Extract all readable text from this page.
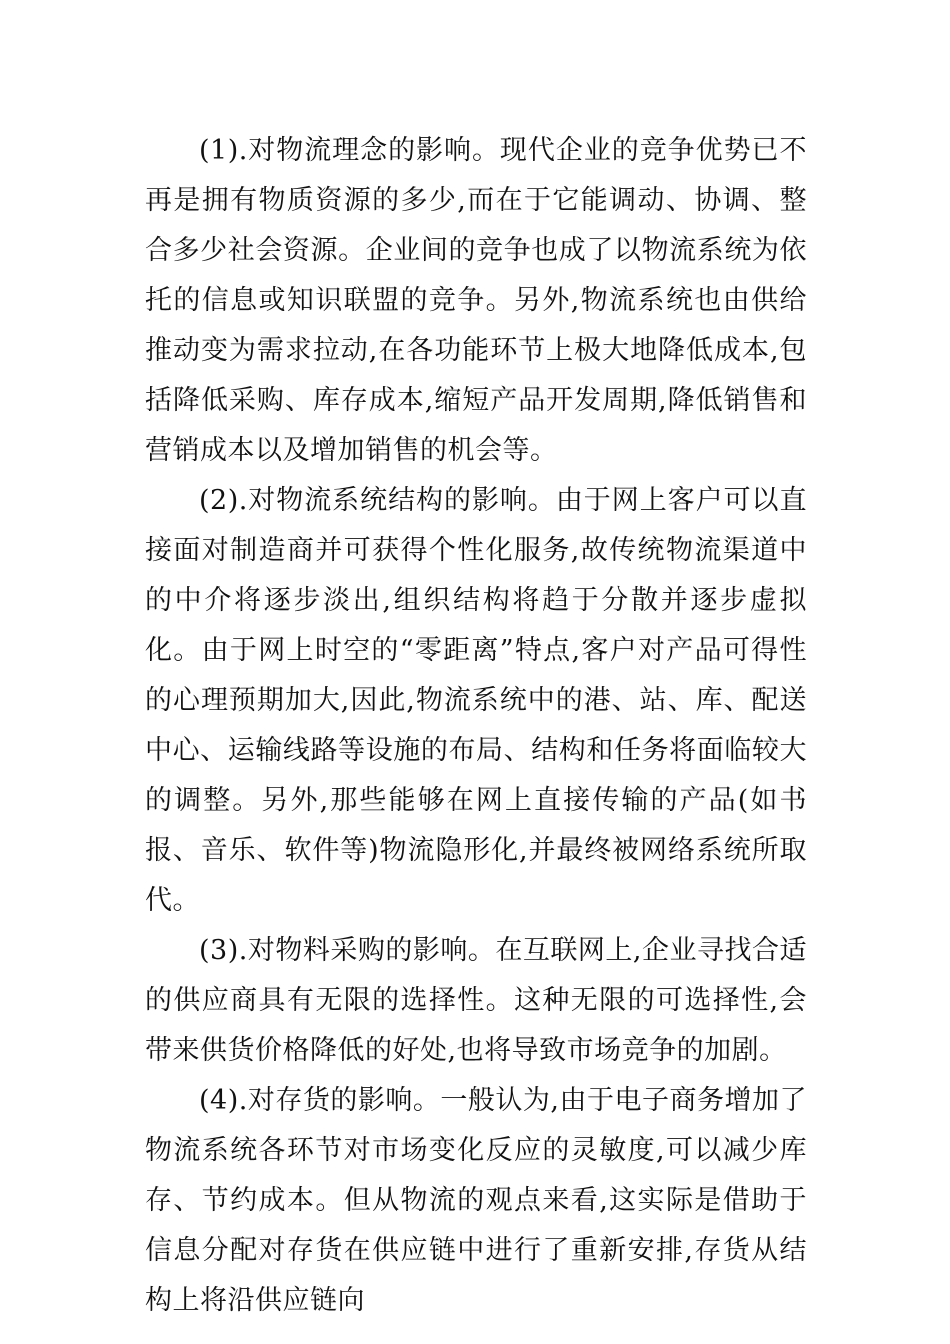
(1).对物流理念的影响。现代企业的竞争优势已不再是拥有物质资源的多少,而在于它能调动、协调、整合多少社会资源。企业间的竞争也成了以物流系统为依托的信息或知识联盟的竞争。另外,物流系统也由供给推动变为需求拉动,在各功能环节上极大地降低成本,包括降低采购、库存成本,缩短产品开发周期,降低销售和营销成本以及增加销售的机会等。

(2).对物流系统结构的影响。由于网上客户可以直接面对制造商并可获得个性化服务,故传统物流渠道中的中介将逐步淡出,组织结构将趋于分散并逐步虚拟化。由于网上时空的“零距离”特点,客户对产品可得性的心理预期加大,因此,物流系统中的港、站、库、配送中心、运输线路等设施的布局、结构和任务将面临较大的调整。另外,那些能够在网上直接传输的产品(如书报、音乐、软件等)物流隐形化,并最终被网络系统所取代。

(3).对物料采购的影响。在互联网上,企业寻找合适的供应商具有无限的选择性。这种无限的可选择性,会带来供货价格降低的好处,也将导致市场竞争的加剧。

(4).对存货的影响。一般认为,由于电子商务增加了物流系统各环节对市场变化反应的灵敏度,可以减少库存、节约成本。但从物流的观点来看,这实际是借助于信息分配对存货在供应链中进行了重新安排,存货从结构上将沿供应链向
